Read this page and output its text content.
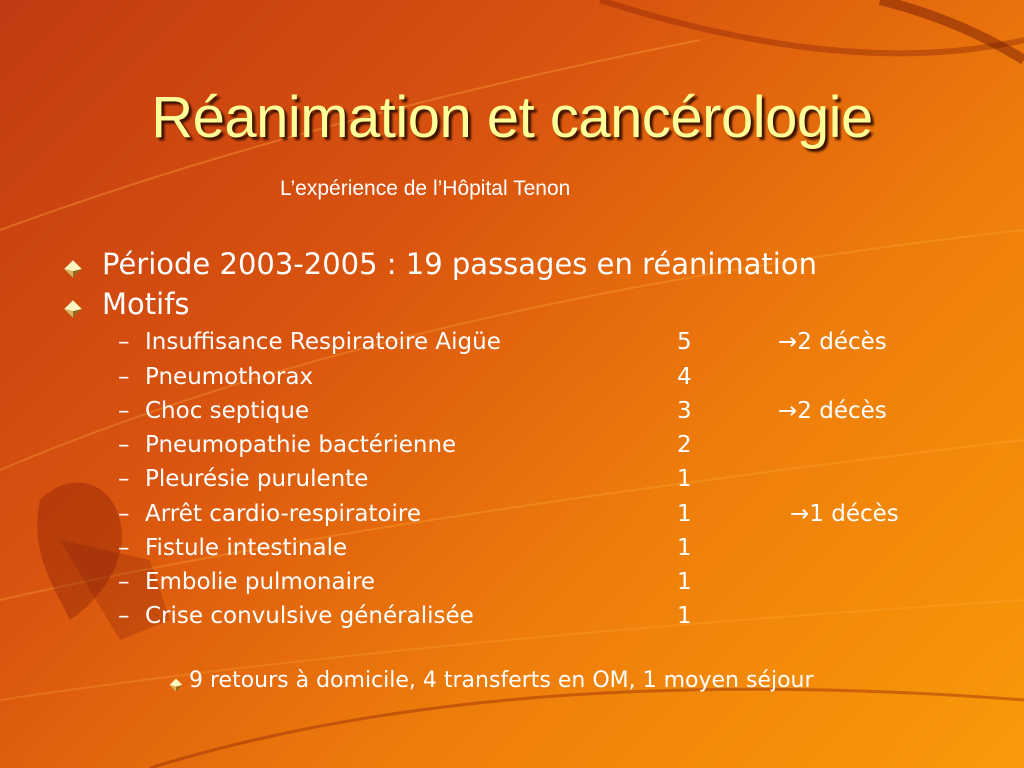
Réanimation et cancérologie
L’expérience de l’Hôpital Tenon
Période 2003-2005 : 19 passages en réanimation
Motifs
– Insuffisance Respiratoire Aigüe	5	→2 décès
– Pneumothorax	4
– Choc septique	3	→2 décès
– Pneumopathie bactérienne	2
– Pleurésie purulente	1
– Arrêt cardio-respiratoire	1	→1 décès
– Fistule intestinale	1
– Embolie pulmonaire	1
– Crise convulsive généralisée	1
9 retours à domicile, 4 transferts en OM, 1 moyen séjour
